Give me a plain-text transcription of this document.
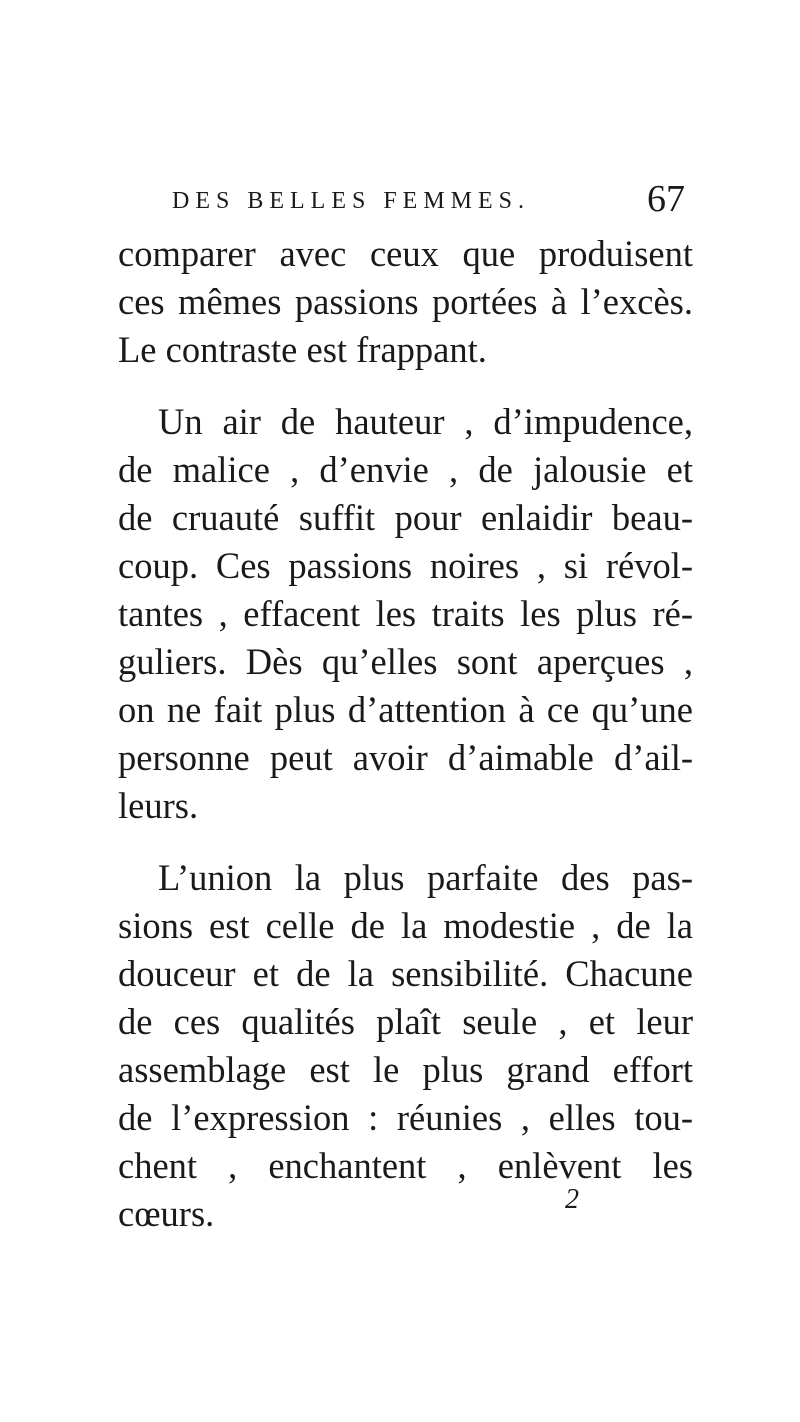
DES BELLES FEMMES.	67
comparer avec ceux que produisent
ces mêmes passions portées à l’excès.
Le contraste est frappant.
Un air de hauteur , d’impudence,
de malice , d’envie , de jalousie et
de cruauté suffit pour enlaidir beau-
coup. Ces passions noires , si révol-
tantes , effacent les traits les plus ré-
guliers. Dès qu’elles sont aperçues ,
on ne fait plus d’attention à ce qu’une
personne peut avoir d’aimable d’ail-
leurs.
L’union la plus parfaite des pas-
sions est celle de la modestie , de la
douceur et de la sensibilité. Chacune
de ces qualités plaît seule , et leur
assemblage est le plus grand effort
de l’expression : réunies , elles tou-
chent , enchantent , enlèvent les
cœurs.	2
